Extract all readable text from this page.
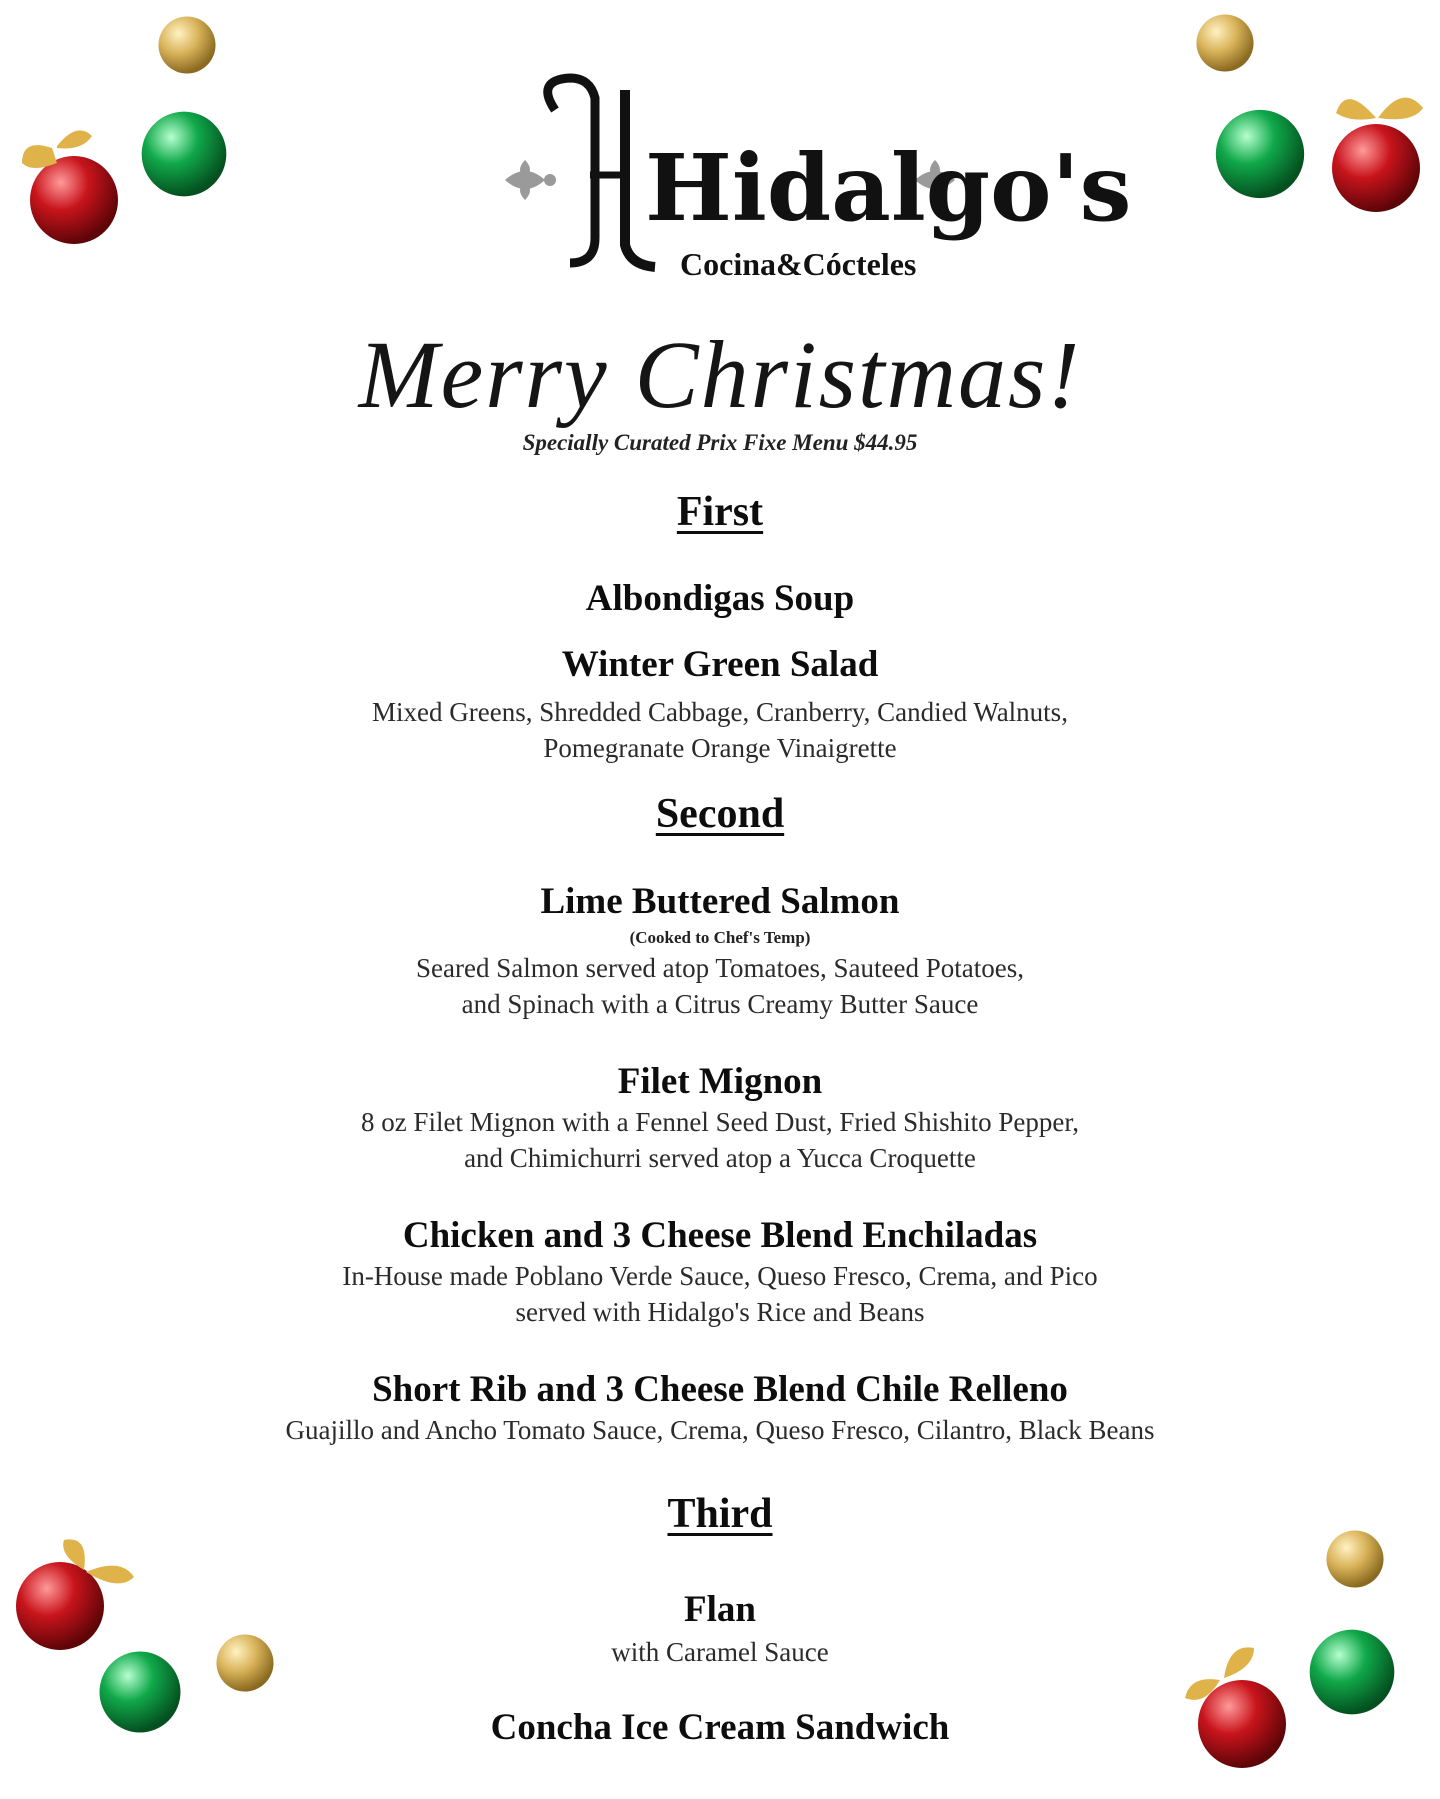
Hidalgo's
Cocina&Cócteles
Merry Christmas!
Specially Curated Prix Fixe Menu $44.95
First
Albondigas Soup
Winter Green Salad
Mixed Greens, Shredded Cabbage, Cranberry, Candied Walnuts,
Pomegranate Orange Vinaigrette
Second
Lime Buttered Salmon
(Cooked to Chef's Temp)
Seared Salmon served atop Tomatoes, Sauteed Potatoes,
and Spinach with a Citrus Creamy Butter Sauce
Filet Mignon
8 oz Filet Mignon with a Fennel Seed Dust, Fried Shishito Pepper,
and Chimichurri served atop a Yucca Croquette
Chicken and 3 Cheese Blend Enchiladas
In-House made Poblano Verde Sauce, Queso Fresco, Crema, and Pico
served with Hidalgo's Rice and Beans
Short Rib and 3 Cheese Blend Chile Relleno
Guajillo and Ancho Tomato Sauce, Crema, Queso Fresco, Cilantro, Black Beans
Third
Flan
with Caramel Sauce
Concha Ice Cream Sandwich
